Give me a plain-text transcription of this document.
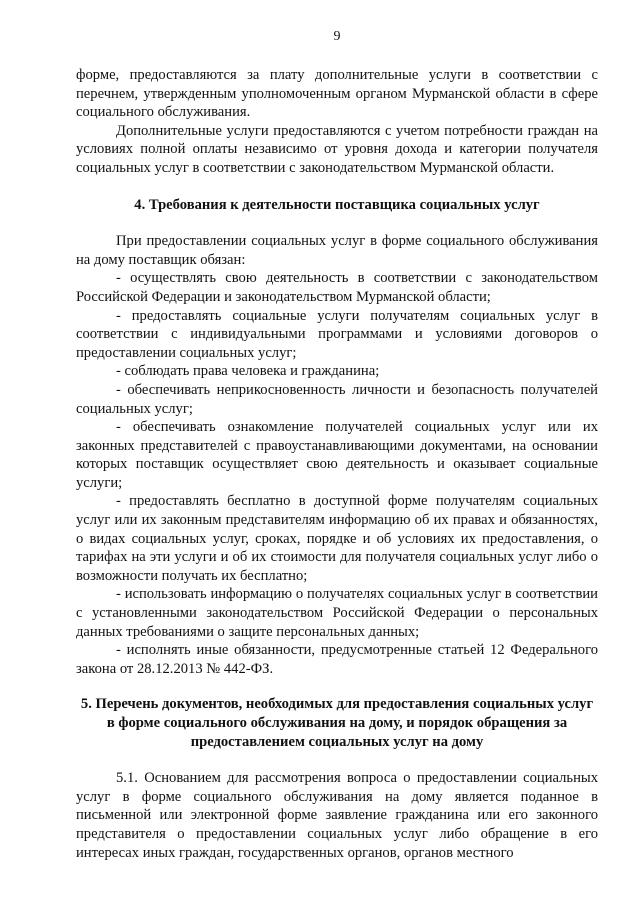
9

форме, предоставляются за плату дополнительные услуги в соответствии с перечнем, утвержденным уполномоченным органом Мурманской области в сфере социального обслуживания.

Дополнительные услуги предоставляются с учетом потребности граждан на условиях полной оплаты независимо от уровня дохода и категории получателя социальных услуг в соответствии с законодательством Мурманской области.

4. Требования к деятельности поставщика социальных услуг

При предоставлении социальных услуг в форме социального обслуживания на дому поставщик обязан:

- осуществлять свою деятельность в соответствии с законодательством Российской Федерации и законодательством Мурманской области;

- предоставлять социальные услуги получателям социальных услуг в соответствии с индивидуальными программами и условиями договоров о предоставлении социальных услуг;

- соблюдать права человека и гражданина;

- обеспечивать неприкосновенность личности и безопасность получателей социальных услуг;

- обеспечивать ознакомление получателей социальных услуг или их законных представителей с правоустанавливающими документами, на основании которых поставщик осуществляет свою деятельность и оказывает социальные услуги;

- предоставлять бесплатно в доступной форме получателям социальных услуг или их законным представителям информацию об их правах и обязанностях, о видах социальных услуг, сроках, порядке и об условиях их предоставления, о тарифах на эти услуги и об их стоимости для получателя социальных услуг либо о возможности получать их бесплатно;

- использовать информацию о получателях социальных услуг в соответствии с установленными законодательством Российской Федерации о персональных данных требованиями о защите персональных данных;

- исполнять иные обязанности, предусмотренные статьей 12 Федерального закона от 28.12.2013 № 442-ФЗ.

5. Перечень документов, необходимых для предоставления социальных услуг в форме социального обслуживания на дому, и порядок обращения за предоставлением социальных услуг на дому

5.1. Основанием для рассмотрения вопроса о предоставлении социальных услуг в форме социального обслуживания на дому является поданное в письменной или электронной форме заявление гражданина или его законного представителя о предоставлении социальных услуг либо обращение в его интересах иных граждан, государственных органов, органов местного
